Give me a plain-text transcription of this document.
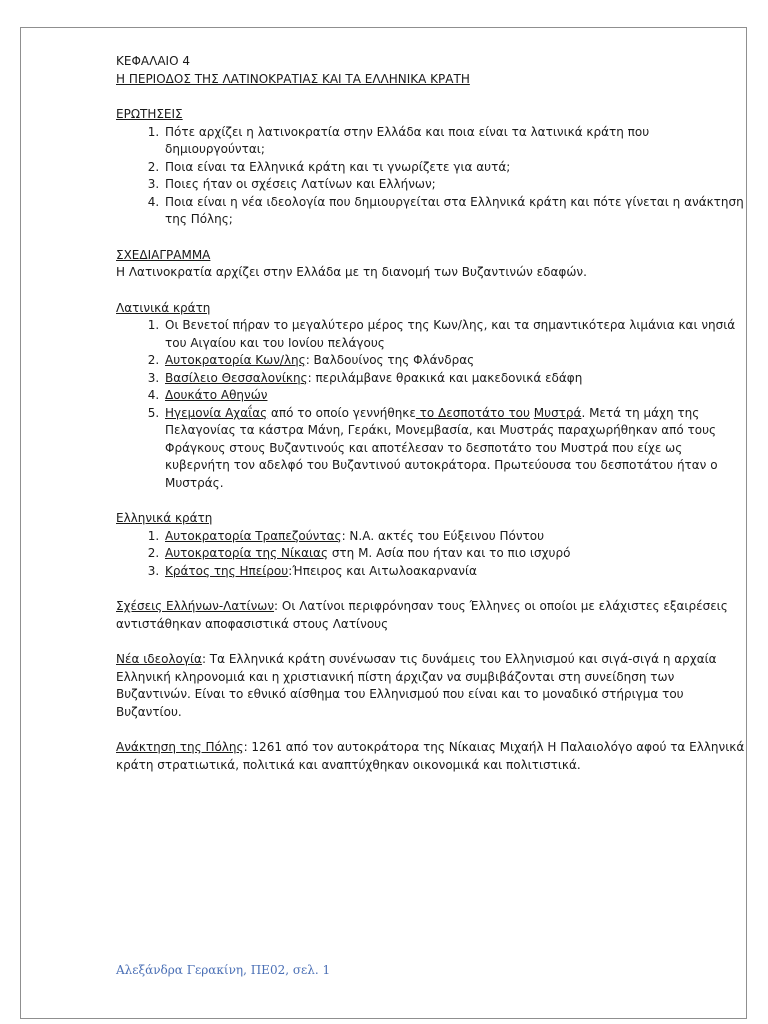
ΚΕΦΑΛΑΙΟ 4

Η ΠΕΡΙΟΔΟΣ ΤΗΣ ΛΑΤΙΝΟΚΡΑΤΙΑΣ ΚΑΙ ΤΑ ΕΛΛΗΝΙΚΑ ΚΡΑΤΗ

ΕΡΩΤΗΣΕΙΣ

1. Πότε αρχίζει η λατινοκρατία στην Ελλάδα και ποια είναι τα λατινικά κράτη που δημιουργούνται;
2. Ποια είναι τα Ελληνικά κράτη και τι γνωρίζετε για αυτά;
3. Ποιες ήταν οι σχέσεις Λατίνων και Ελλήνων;
4. Ποια είναι η νέα ιδεολογία που δημιουργείται στα Ελληνικά κράτη και πότε γίνεται η ανάκτηση της Πόλης;

ΣΧΕΔΙΑΓΡΑΜΜΑ

Η Λατινοκρατία αρχίζει στην Ελλάδα με τη διανομή των Βυζαντινών εδαφών.

Λατινικά κράτη

1. Οι Βενετοί πήραν το μεγαλύτερο μέρος της Κων/λης, και τα σημαντικότερα λιμάνια και νησιά του Αιγαίου και του Ιονίου πελάγους
2. Αυτοκρατορία Κων/λης: Βαλδουίνος της Φλάνδρας
3. Βασίλειο Θεσσαλονίκης: περιλάμβανε θρακικά και μακεδονικά εδάφη
4. Δουκάτο Αθηνών
5. Ηγεμονία Αχαΐας από το οποίο γεννήθηκε το Δεσποτάτο του Μυστρά. Μετά τη μάχη της Πελαγονίας τα κάστρα Μάνη, Γεράκι, Μονεμβασία, και Μυστράς παραχωρήθηκαν από τους Φράγκους στους Βυζαντινούς και αποτέλεσαν το δεσποτάτο του Μυστρά που είχε ως κυβερνήτη τον αδελφό του Βυζαντινού αυτοκράτορα. Πρωτεύουσα του δεσποτάτου ήταν ο Μυστράς.

Ελληνικά κράτη

1. Αυτοκρατορία Τραπεζούντας: Ν.Α. ακτές του Εύξεινου Πόντου
2. Αυτοκρατορία της Νίκαιας στη Μ. Ασία που ήταν και το πιο ισχυρό
3. Κράτος της Ηπείρου:Ήπειρος και Αιτωλοακαρνανία

Σχέσεις Ελλήνων-Λατίνων: Οι Λατίνοι περιφρόνησαν τους Έλληνες οι οποίοι με ελάχιστες εξαιρέσεις αντιστάθηκαν αποφασιστικά στους Λατίνους

Νέα ιδεολογία: Τα Ελληνικά κράτη συνένωσαν τις δυνάμεις του Ελληνισμού και σιγά-σιγά η αρχαία Ελληνική κληρονομιά και η χριστιανική πίστη άρχιζαν να συμβιβάζονται στη συνείδηση των Βυζαντινών. Είναι το εθνικό αίσθημα του Ελληνισμού που είναι και το μοναδικό στήριγμα του Βυζαντίου.

Ανάκτηση της Πόλης: 1261 από τον αυτοκράτορα της Νίκαιας Μιχαήλ Η Παλαιολόγο αφού τα Ελληνικά κράτη στρατιωτικά, πολιτικά και αναπτύχθηκαν οικονομικά και πολιτιστικά.

Αλεξάνδρα Γερακίνη, ΠΕ02, σελ. 1
